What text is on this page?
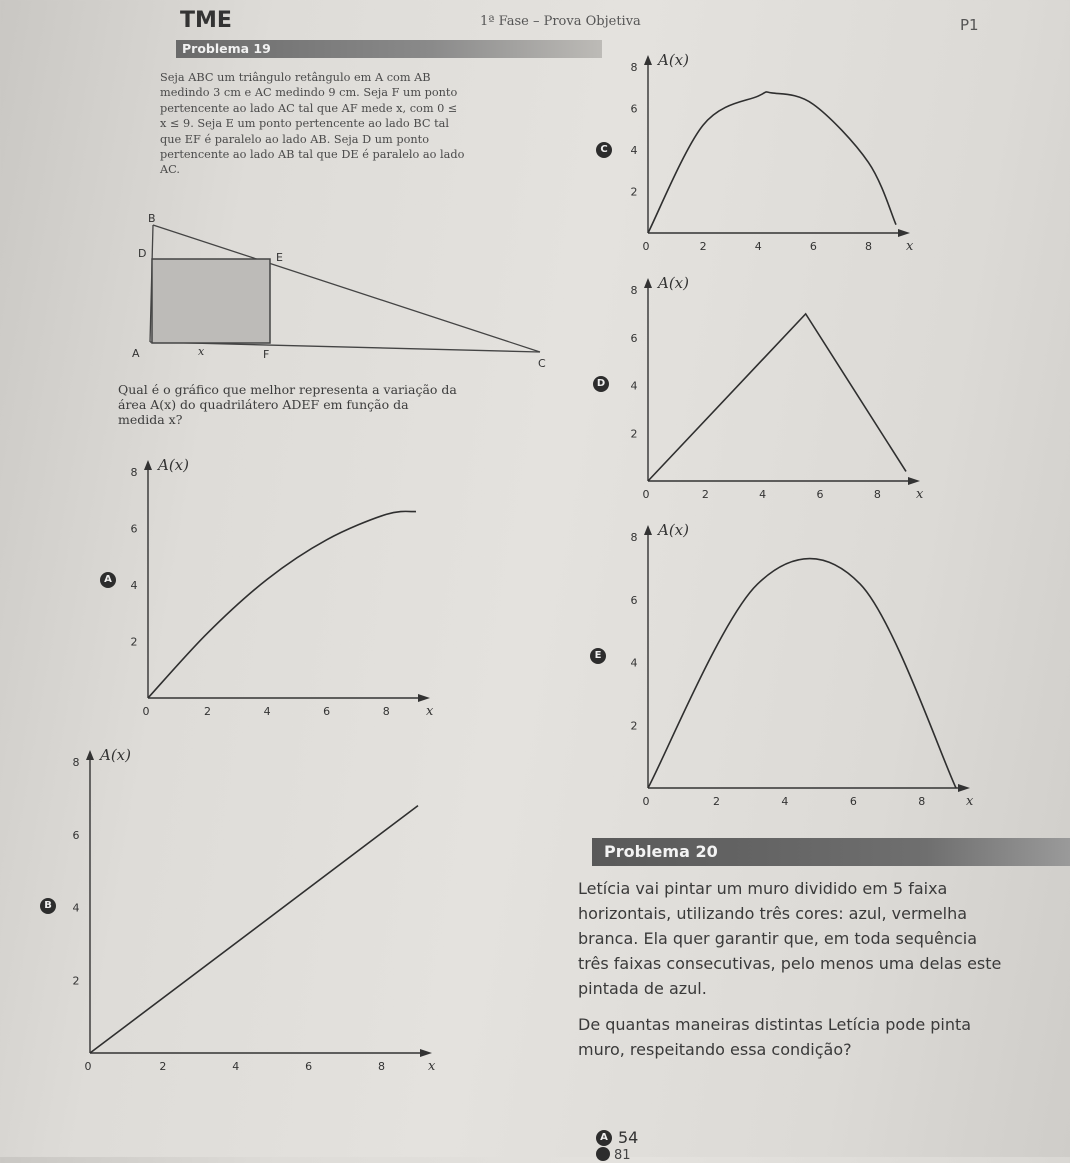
TME	1ª Fase – Prova Objetiva	P1
Problema 19
Seja ABC um triângulo retângulo em A com AB
medindo 3 cm e AC medindo 9 cm. Seja F um ponto
pertencente ao lado AC tal que AF mede x, com 0 ≤
x ≤ 9. Seja E um ponto pertencente ao lado BC tal
que EF é paralelo ao lado AB. Seja D um ponto
pertencente ao lado AB tal que DE é paralelo ao lado
AC.
B
D	E
A	x	F
C
Qual é o gráfico que melhor representa a variação da
área A(x) do quadrilátero ADEF em função da
medida x?
A(x)
8
6
4
2
2	4	6	8
0	x
A(x)
8
6
4
2
2	4	6	8
0	x
A(x)
8
6
4
2
2	4	6	8
0	x
A(x)
8
6
4
2
2	4	6	8
0	x
A(x)
8
6
4
2
2	4	6	8
0	x
A
B
C
D
E
Problema 20
Letícia vai pintar um muro dividido em 5 faixa
horizontais, utilizando três cores: azul, vermelha
branca. Ela quer garantir que, em toda sequência
três faixas consecutivas, pelo menos uma delas este
pintada de azul.
De quantas maneiras distintas Letícia pode pinta
muro, respeitando essa condição?
A 54
81
